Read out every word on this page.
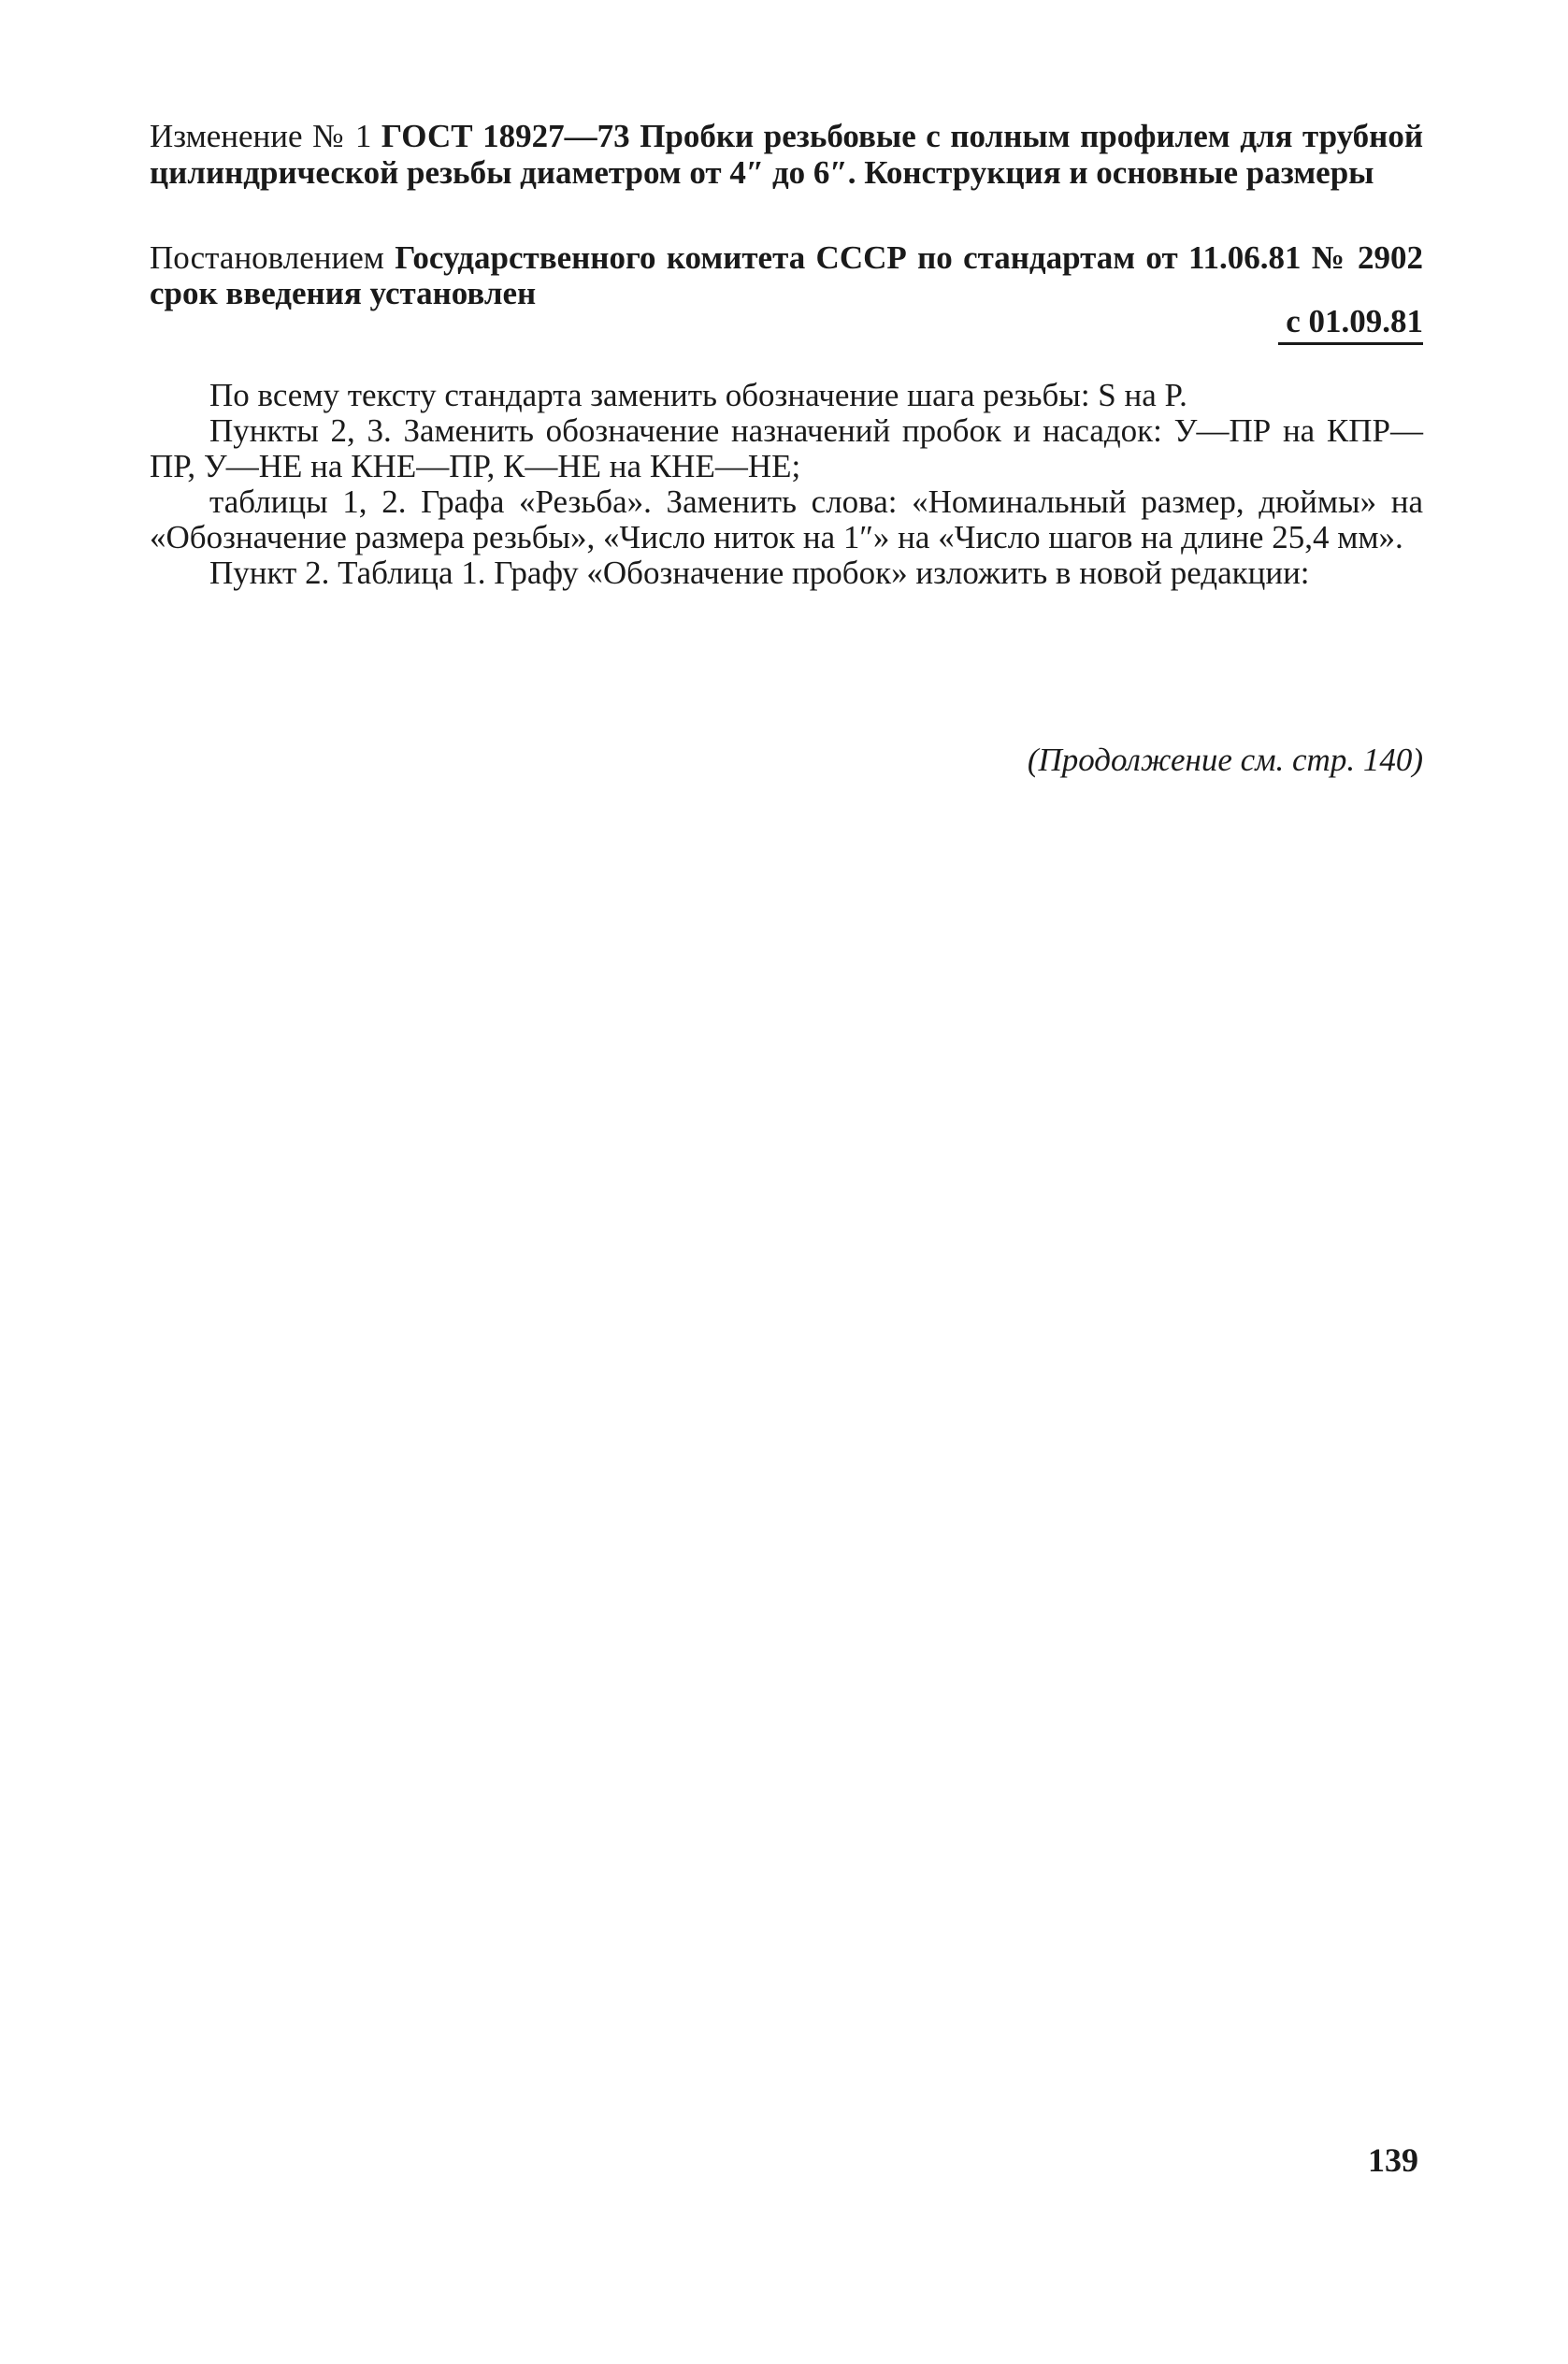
Изменение № 1 ГОСТ 18927—73 Пробки резьбовые с полным профилем для трубной цилиндрической резьбы диаметром от 4″ до 6″. Конструкция и основные размеры
Постановлением Государственного комитета СССР по стандартам от 11.06.81 № 2902 срок введения установлен
с 01.09.81

По всему тексту стандарта заменить обозначение шага резьбы: S на P.

Пункты 2, 3. Заменить обозначение назначений пробок и насадок: У—ПР на КПР—ПР, У—НЕ на КНЕ—ПР, К—НЕ на КНЕ—НЕ;

таблицы 1, 2. Графа «Резьба». Заменить слова: «Номинальный размер, дюймы» на «Обозначение размера резьбы», «Число ниток на 1″» на «Число шагов на длине 25,4 мм».

Пункт 2. Таблица 1. Графу «Обозначение пробок» изложить в новой редакции:

(Продолжение см. стр. 140)
139
